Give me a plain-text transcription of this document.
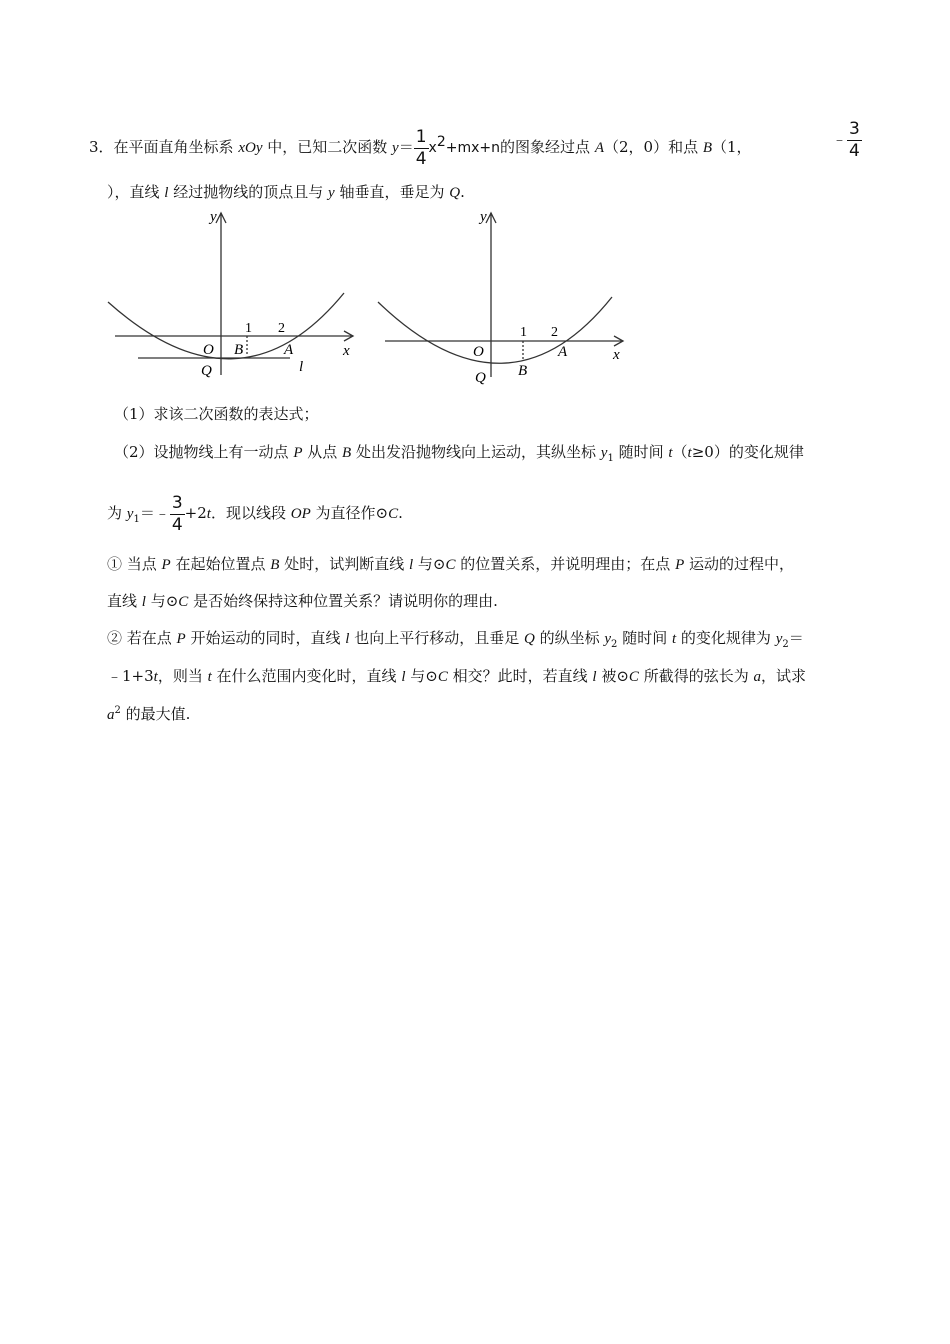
3．在平面直角坐标系 xOy 中，已知二次函数 $y= \frac{1}{4} x^2+mx+n$的图象经过点 A（2，0）和点 B（1，	﹣ $\frac{3}{4}$
），直线 l 经过抛物线的顶点且与 y 轴垂直，垂足为 Q.
y
x
O B	A
Q	l
1 2
y
x
O
B
A
Q
1 2
（1）求该二次函数的表达式；
（2）设抛物线上有一动点 P 从点 B 处出发沿抛物线向上运动，其纵坐标 $y_1$ 随时间 t（t≥0）的变化规律
为 $y_1=﹣ \frac{3}{4} +2t$．现以线段 OP 为直径作⊙C.
① 当点 P 在起始位置点 B 处时，试判断直线 l 与⊙C 的位置关系，并说明理由；在点 P 运动的过程中，
直线 l 与⊙C 是否始终保持这种位置关系？请说明你的理由.
② 若在点 P 开始运动的同时，直线 l 也向上平行移动，且垂足 Q 的纵坐标 $y_2$ 随时间 t 的变化规律为 $y_2=$
﹣1+3t，则当 t 在什么范围内变化时，直线 l 与⊙C 相交？此时，若直线 l 被⊙C 所截得的弦长为 a，试求
$a^2$ 的最大值.
